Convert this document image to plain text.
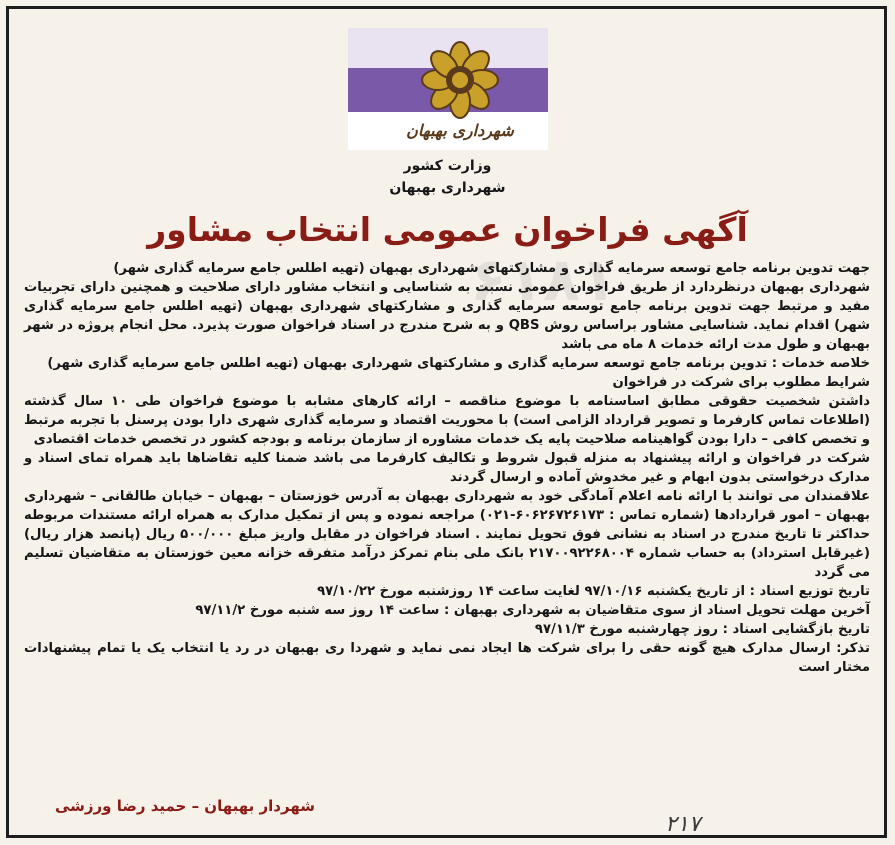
۶۱۸۱
شهرداری بهبهان
وزارت کشور
شهرداری بهبهان
آگهی فراخوان عمومی انتخاب مشاور

جهت تدوین برنامه جامع توسعه سرمایه گذاری و مشارکتهای شهرداری بهبهان (تهیه اطلس جامع سرمایه گذاری شهر)

شهرداری بهبهان درنظردارد از طریق فراخوان عمومی نسبت به شناسایی و انتخاب مشاور دارای صلاحیت و همچنین دارای تجربیات مفید و مرتبط جهت تدوین برنامه جامع توسعه سرمایه گذاری و مشارکتهای شهرداری بهبهان (تهیه اطلس جامع سرمایه گذاری شهر) اقدام نماید. شناسایی مشاور براساس روش QBS و به شرح مندرج در اسناد فراخوان صورت پذیرد. محل انجام پروژه در شهر بهبهان و طول مدت ارائه خدمات ۸ ماه می باشد

خلاصه خدمات : تدوین برنامه جامع توسعه سرمایه گذاری و مشارکتهای شهرداری بهبهان (تهیه اطلس جامع سرمایه گذاری شهر)

شرایط مطلوب برای شرکت در فراخوان

داشتن شخصیت حقوقی مطابق اساسنامه با موضوع مناقصه – ارائه کارهای مشابه با موضوع فراخوان طی ۱۰ سال گذشته (اطلاعات تماس کارفرما و تصویر قرارداد الزامی است) با محوریت اقتصاد و سرمایه گذاری شهری دارا بودن پرسنل با تجربه مرتبط و تخصص کافی – دارا بودن گواهینامه صلاحیت پایه یک خدمات مشاوره از سازمان برنامه و بودجه کشور در تخصص خدمات اقتصادی

شرکت در فراخوان و ارائه پیشنهاد به منزله قبول شروط و تکالیف کارفرما می باشد ضمنا کلیه تقاضاها باید همراه تمای اسناد و مدارک درخواستی بدون ابهام و غیر مخدوش آماده و ارسال گردند

علاقمندان می توانند با ارائه نامه اعلام آمادگی خود به شهرداری بهبهان به آدرس خوزستان – بهبهان – خیابان طالقانی – شهرداری بهبهان – امور قراردادها (شماره تماس : ۶۰۶۲۶۷۲۶۱۷۳-۰۲۱) مراجعه نموده و پس از تمکیل مدارک به همراه ارائه مستندات مربوطه حداکثر تا تاریخ مندرج در اسناد به نشانی فوق تحویل نمایند . اسناد فراخوان در مقابل واریز مبلغ ۵۰۰/۰۰۰ ریال (پانصد هزار ریال) (غیرقابل استرداد) به حساب شماره ۲۱۷۰۰۹۲۲۶۸۰۰۴ بانک ملی بنام تمرکز درآمد متفرقه خزانه معین خوزستان به متقاضیان تسلیم می گردد

تاریخ توزیع اسناد : از تاریخ یکشنبه ۹۷/۱۰/۱۶ لغایت ساعت ۱۴ روزشنبه مورخ ۹۷/۱۰/۲۲

آخرین مهلت تحویل اسناد از سوی متقاضیان به شهرداری بهبهان : ساعت ۱۴ روز سه شنبه مورخ ۹۷/۱۱/۲

تاریخ بازگشایی اسناد : روز چهارشنبه مورخ ۹۷/۱۱/۳

تذکر: ارسال مدارک هیچ گونه حقی را برای شرکت ها ایجاد نمی نماید و شهردا ری بهبهان در رد یا انتخاب یک یا تمام پیشنهادات مختار است

شهردار بهبهان – حمید رضا ورزشی
۲۱۷
